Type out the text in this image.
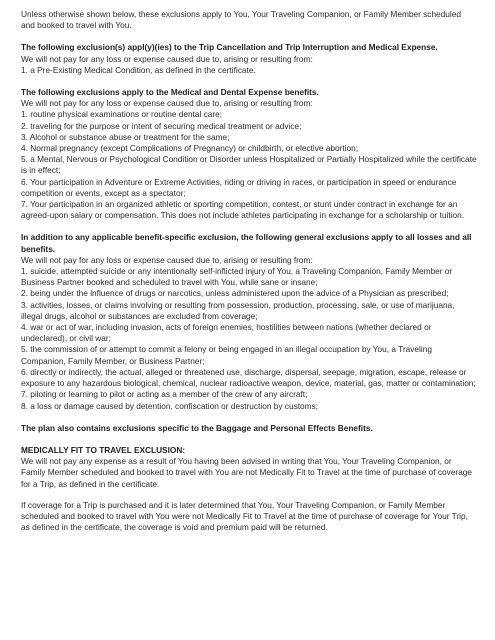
Unless otherwise shown below, these exclusions apply to You, Your Traveling Companion, or Family Member scheduled and booked to travel with You.

The following exclusion(s) appl(y)(ies) to the Trip Cancellation and Trip Interruption and Medical Expense.

We will not pay for any loss or expense caused due to, arising or resulting from:

1. a Pre-Existing Medical Condition, as defined in the certificate.

The following exclusions apply to the Medical and Dental Expense benefits.

We will not pay for any loss or expense caused due to, arising or resulting from:

1. routine physical examinations or routine dental care;
2. traveling for the purpose or intent of securing medical treatment or advice;
3. Alcohol or substance abuse or treatment for the same;
4. Normal pregnancy (except Complications of Pregnancy) or childbirth, or elective abortion;
5. a Mental, Nervous or Psychological Condition or Disorder unless Hospitalized or Partially Hospitalized while the certificate is in effect;
6. Your participation in Adventure or Extreme Activities, riding or driving in races, or participation in speed or endurance competition or events, except as a spectator;
7. Your participation in an organized athletic or sporting competition, contest, or stunt under contract in exchange for an agreed-upon salary or compensation. This does not include athletes participating in exchange for a scholarship or tuition.

In addition to any applicable benefit-specific exclusion, the following general exclusions apply to all losses and all benefits.

We will not pay for any loss or expense caused due to, arising or resulting from:

1. suicide, attempted suicide or any intentionally self-inflicted injury of You, a Traveling Companion, Family Member or Business Partner booked and scheduled to travel with You, while sane or insane;
2. being under the influence of drugs or narcotics, unless administered upon the advice of a Physician as prescribed;
3. activities, losses, or claims involving or resulting from possession, production, processing, sale, or use of marijuana, illegal drugs, alcohol or substances are excluded from coverage;
4. war or act of war, including invasion, acts of foreign enemies, hostilities between nations (whether declared or undeclared), or civil war;
5. the commission of or attempt to commit a felony or being engaged in an illegal occupation by You, a Traveling Companion, Family Member, or Business Partner;
6. directly or indirectly, the actual, alleged or threatened use, discharge, dispersal, seepage, migration, escape, release or exposure to any hazardous biological, chemical, nuclear radioactive weapon, device, material, gas, matter or contamination;
7. piloting or learning to pilot or acting as a member of the crew of any aircraft;
8. a loss or damage caused by detention, confiscation or destruction by customs;

The plan also contains exclusions specific to the Baggage and Personal Effects Benefits.

MEDICALLY FIT TO TRAVEL EXCLUSION:

We will not pay any expense as a result of You having been advised in writing that You, Your Traveling Companion, or Family Member scheduled and booked to travel with You are not Medically Fit to Travel at the time of purchase of coverage for a Trip, as defined in the certificate.

If coverage for a Trip is purchased and it is later determined that You, Your Traveling Companion, or Family Member scheduled and booked to travel with You were not Medically Fit to Travel at the time of purchase of coverage for Your Trip, as defined in the certificate, the coverage is void and premium paid will be returned.
